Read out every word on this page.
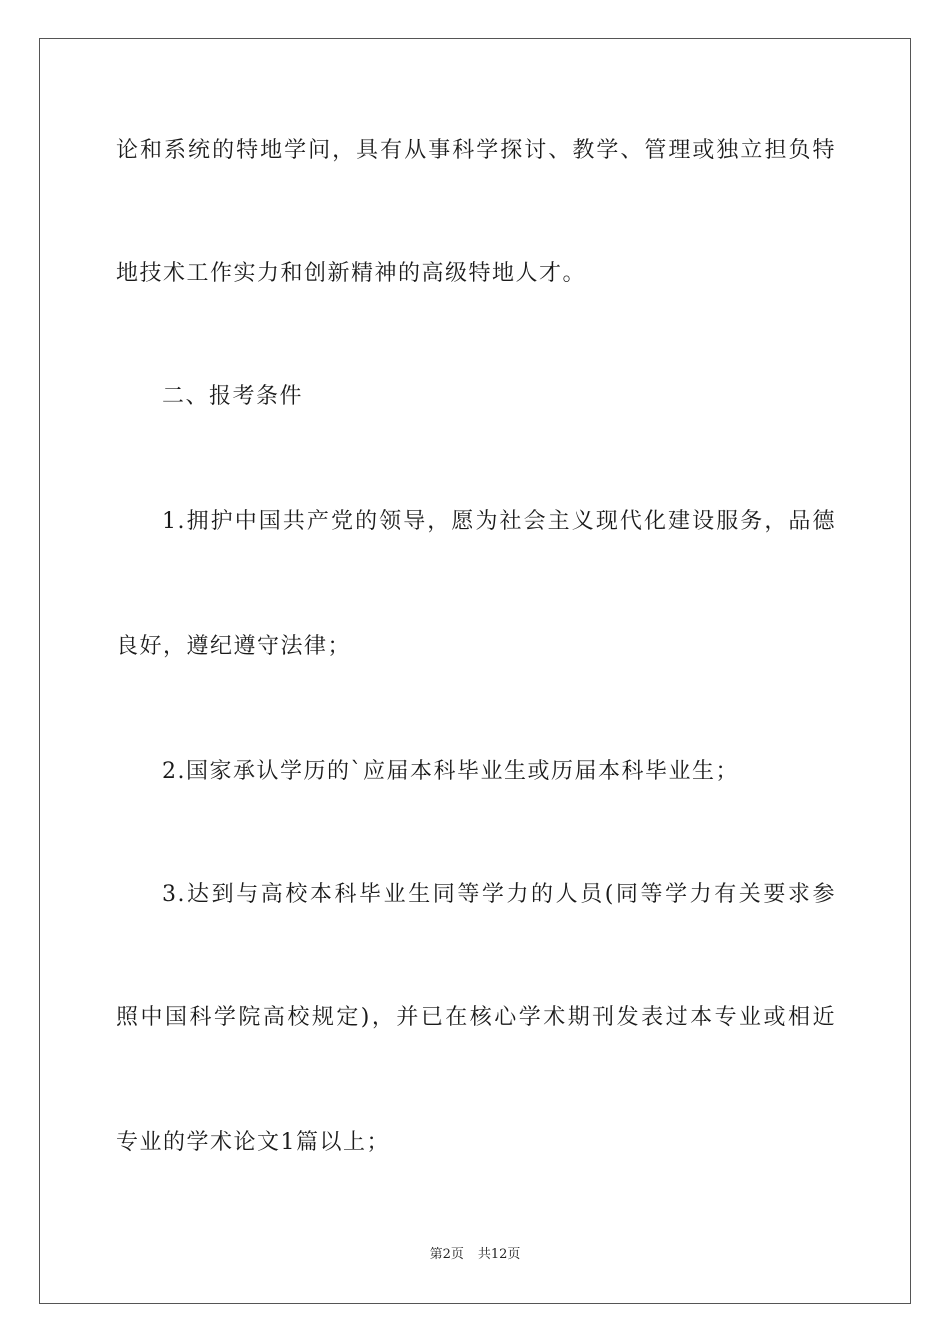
论和系统的特地学问，具有从事科学探讨、教学、管理或独立担负特
地技术工作实力和创新精神的高级特地人才。
二、报考条件
1.拥护中国共产党的领导，愿为社会主义现代化建设服务，品德
良好，遵纪遵守法律；
2.国家承认学历的`应届本科毕业生或历届本科毕业生；
3.达到与高校本科毕业生同等学力的人员(同等学力有关要求参
照中国科学院高校规定)，并已在核心学术期刊发表过本专业或相近
专业的学术论文1篇以上；
第2页 共12页
